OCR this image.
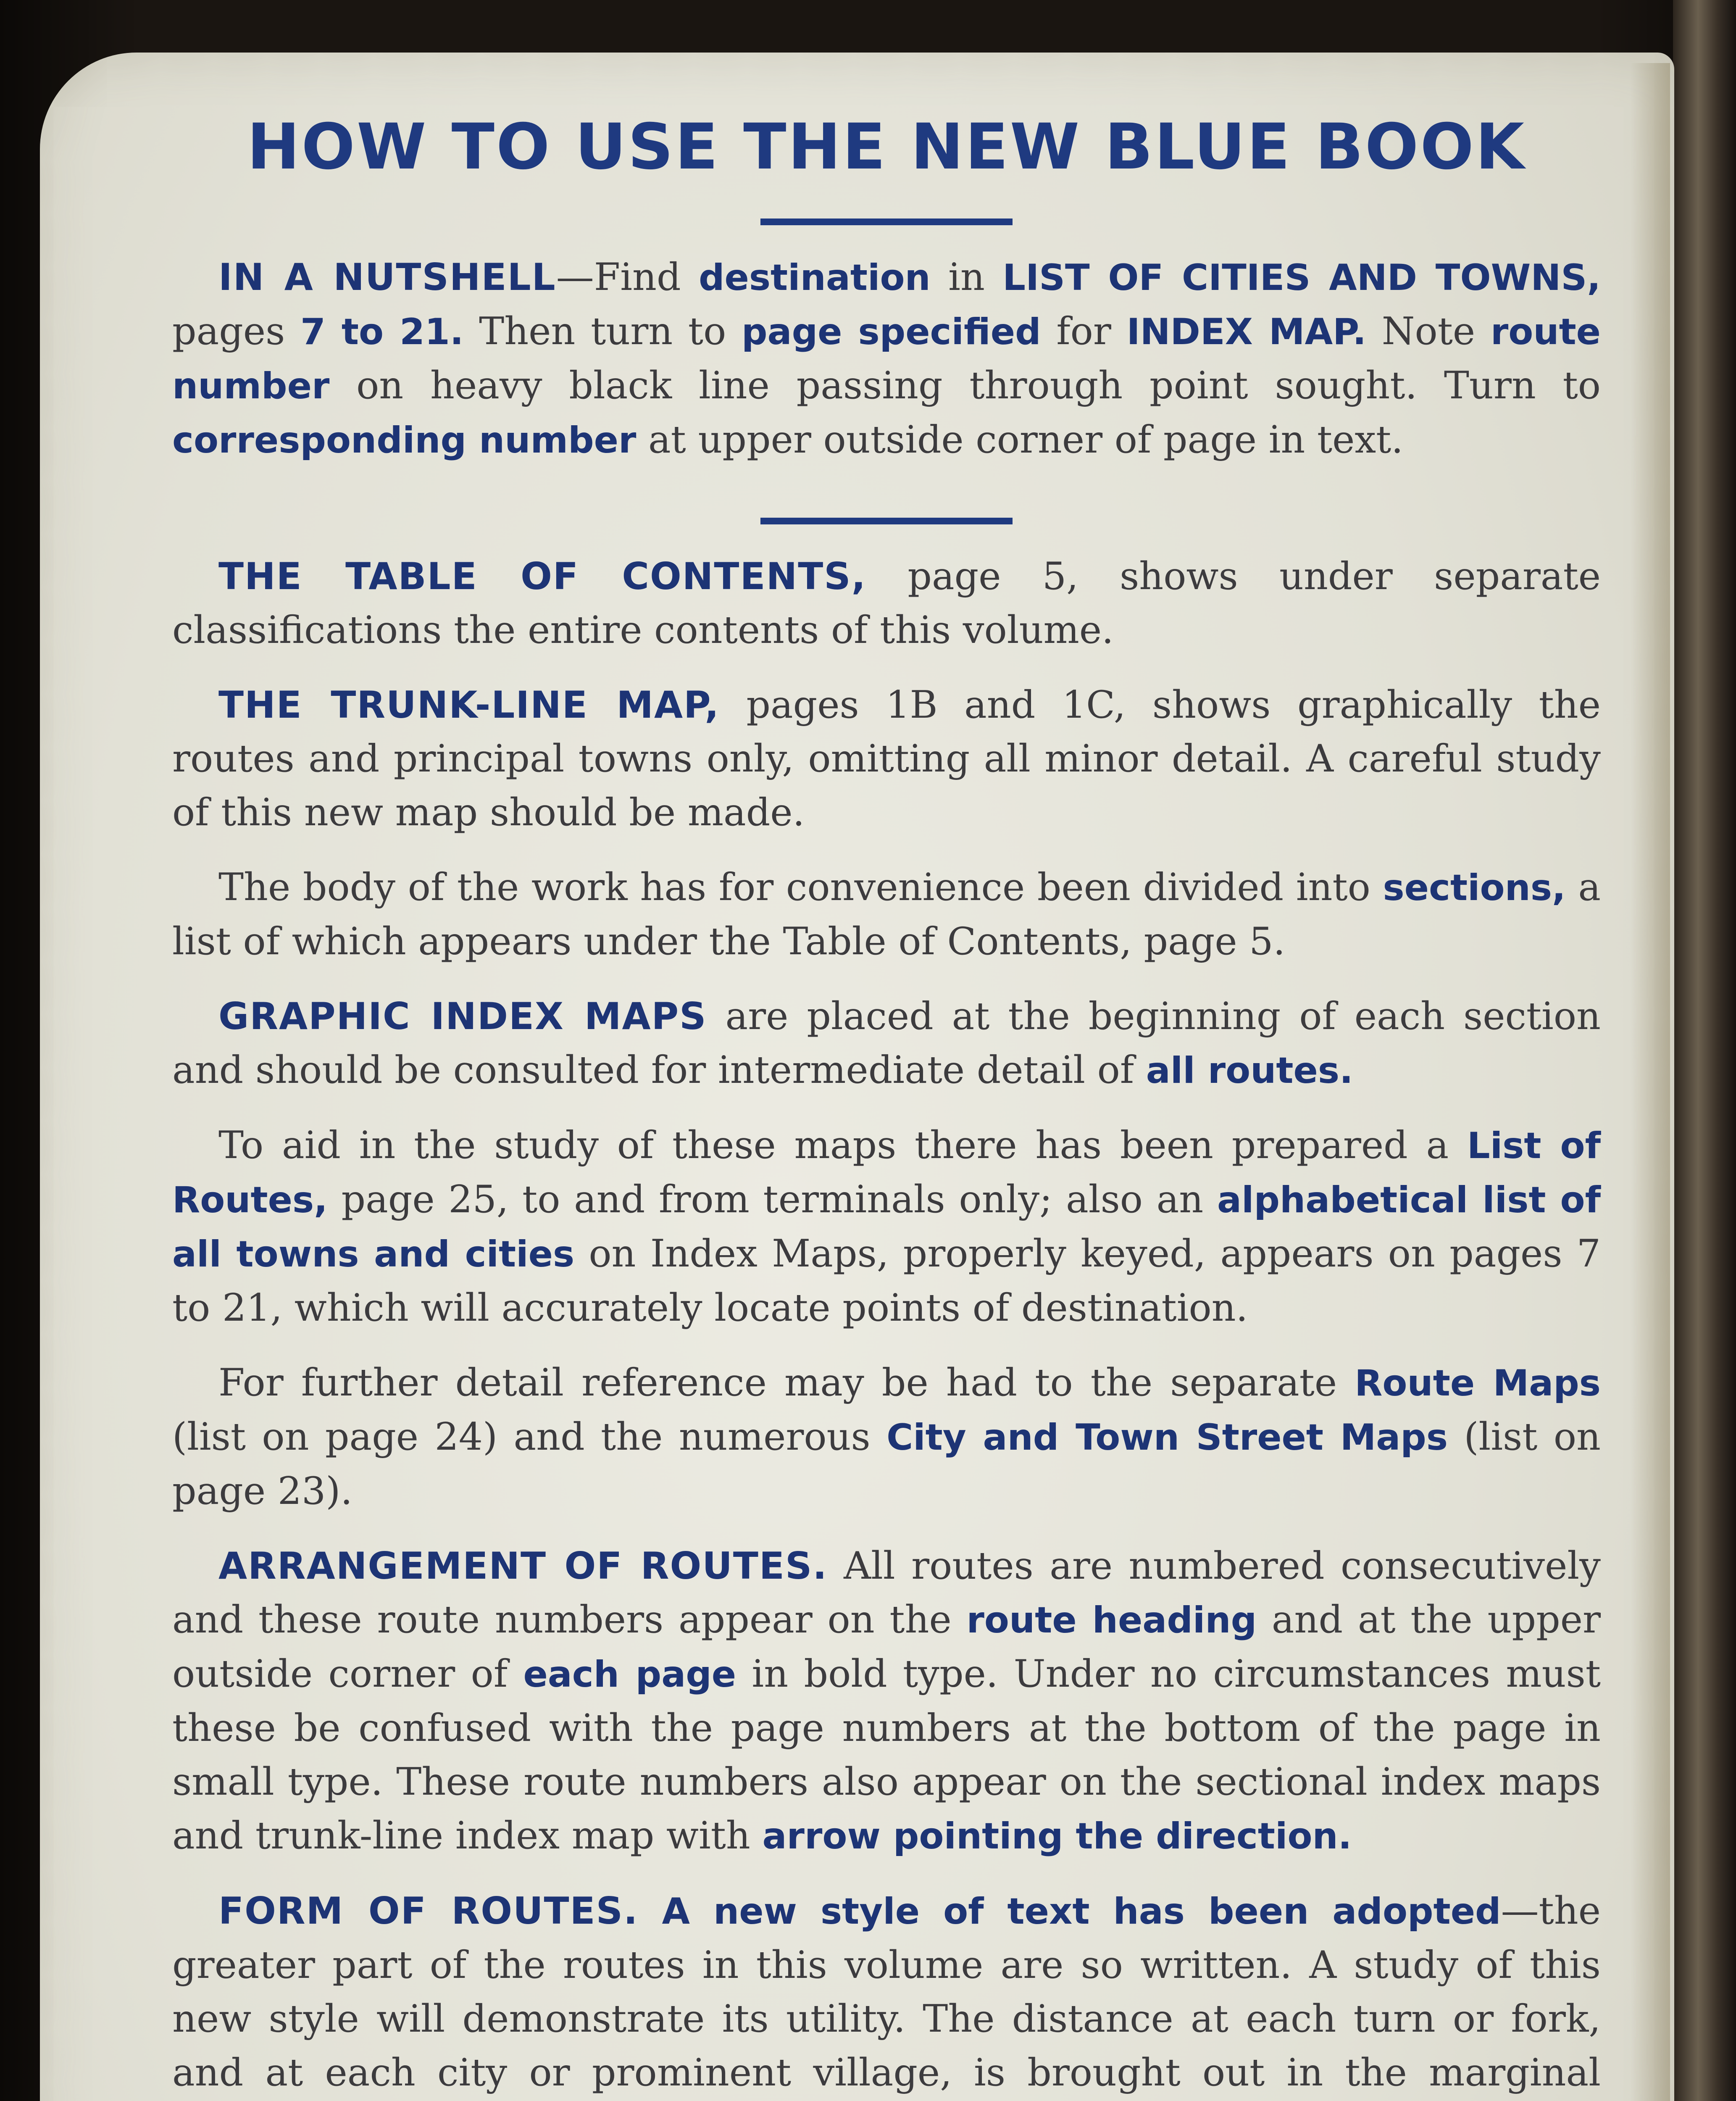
HOW TO USE THE NEW BLUE BOOK

IN A NUTSHELL—Find destination in LIST OF CITIES AND TOWNS, pages 7 to 21. Then turn to page specified for INDEX MAP. Note route number on heavy black line passing through point sought. Turn to corresponding number at upper outside corner of page in text.

THE TABLE OF CONTENTS, page 5, shows under separate classifications the entire contents of this volume.

THE TRUNK-LINE MAP, pages 1B and 1C, shows graphically the routes and principal towns only, omitting all minor detail. A careful study of this new map should be made.

The body of the work has for convenience been divided into sections, a list of which appears under the Table of Contents, page 5.

GRAPHIC INDEX MAPS are placed at the beginning of each section and should be consulted for intermediate detail of all routes.

To aid in the study of these maps there has been prepared a List of Routes, page 25, to and from terminals only; also an alphabetical list of all towns and cities on Index Maps, properly keyed, appears on pages 7 to 21, which will accurately locate points of destination.

For further detail reference may be had to the separate Route Maps (list on page 24) and the numerous City and Town Street Maps (list on page 23).

ARRANGEMENT OF ROUTES. All routes are numbered consecutively and these route numbers appear on the route heading and at the upper outside corner of each page in bold type. Under no circumstances must these be confused with the page numbers at the bottom of the page in small type. These route numbers also appear on the sectional index maps and trunk-line index map with arrow pointing the direction.

FORM OF ROUTES. A new style of text has been adopted—the greater part of the routes in this volume are so written. A study of this new style will demonstrate its utility. The distance at each turn or fork, and at each city or prominent village, is brought out in the marginal
